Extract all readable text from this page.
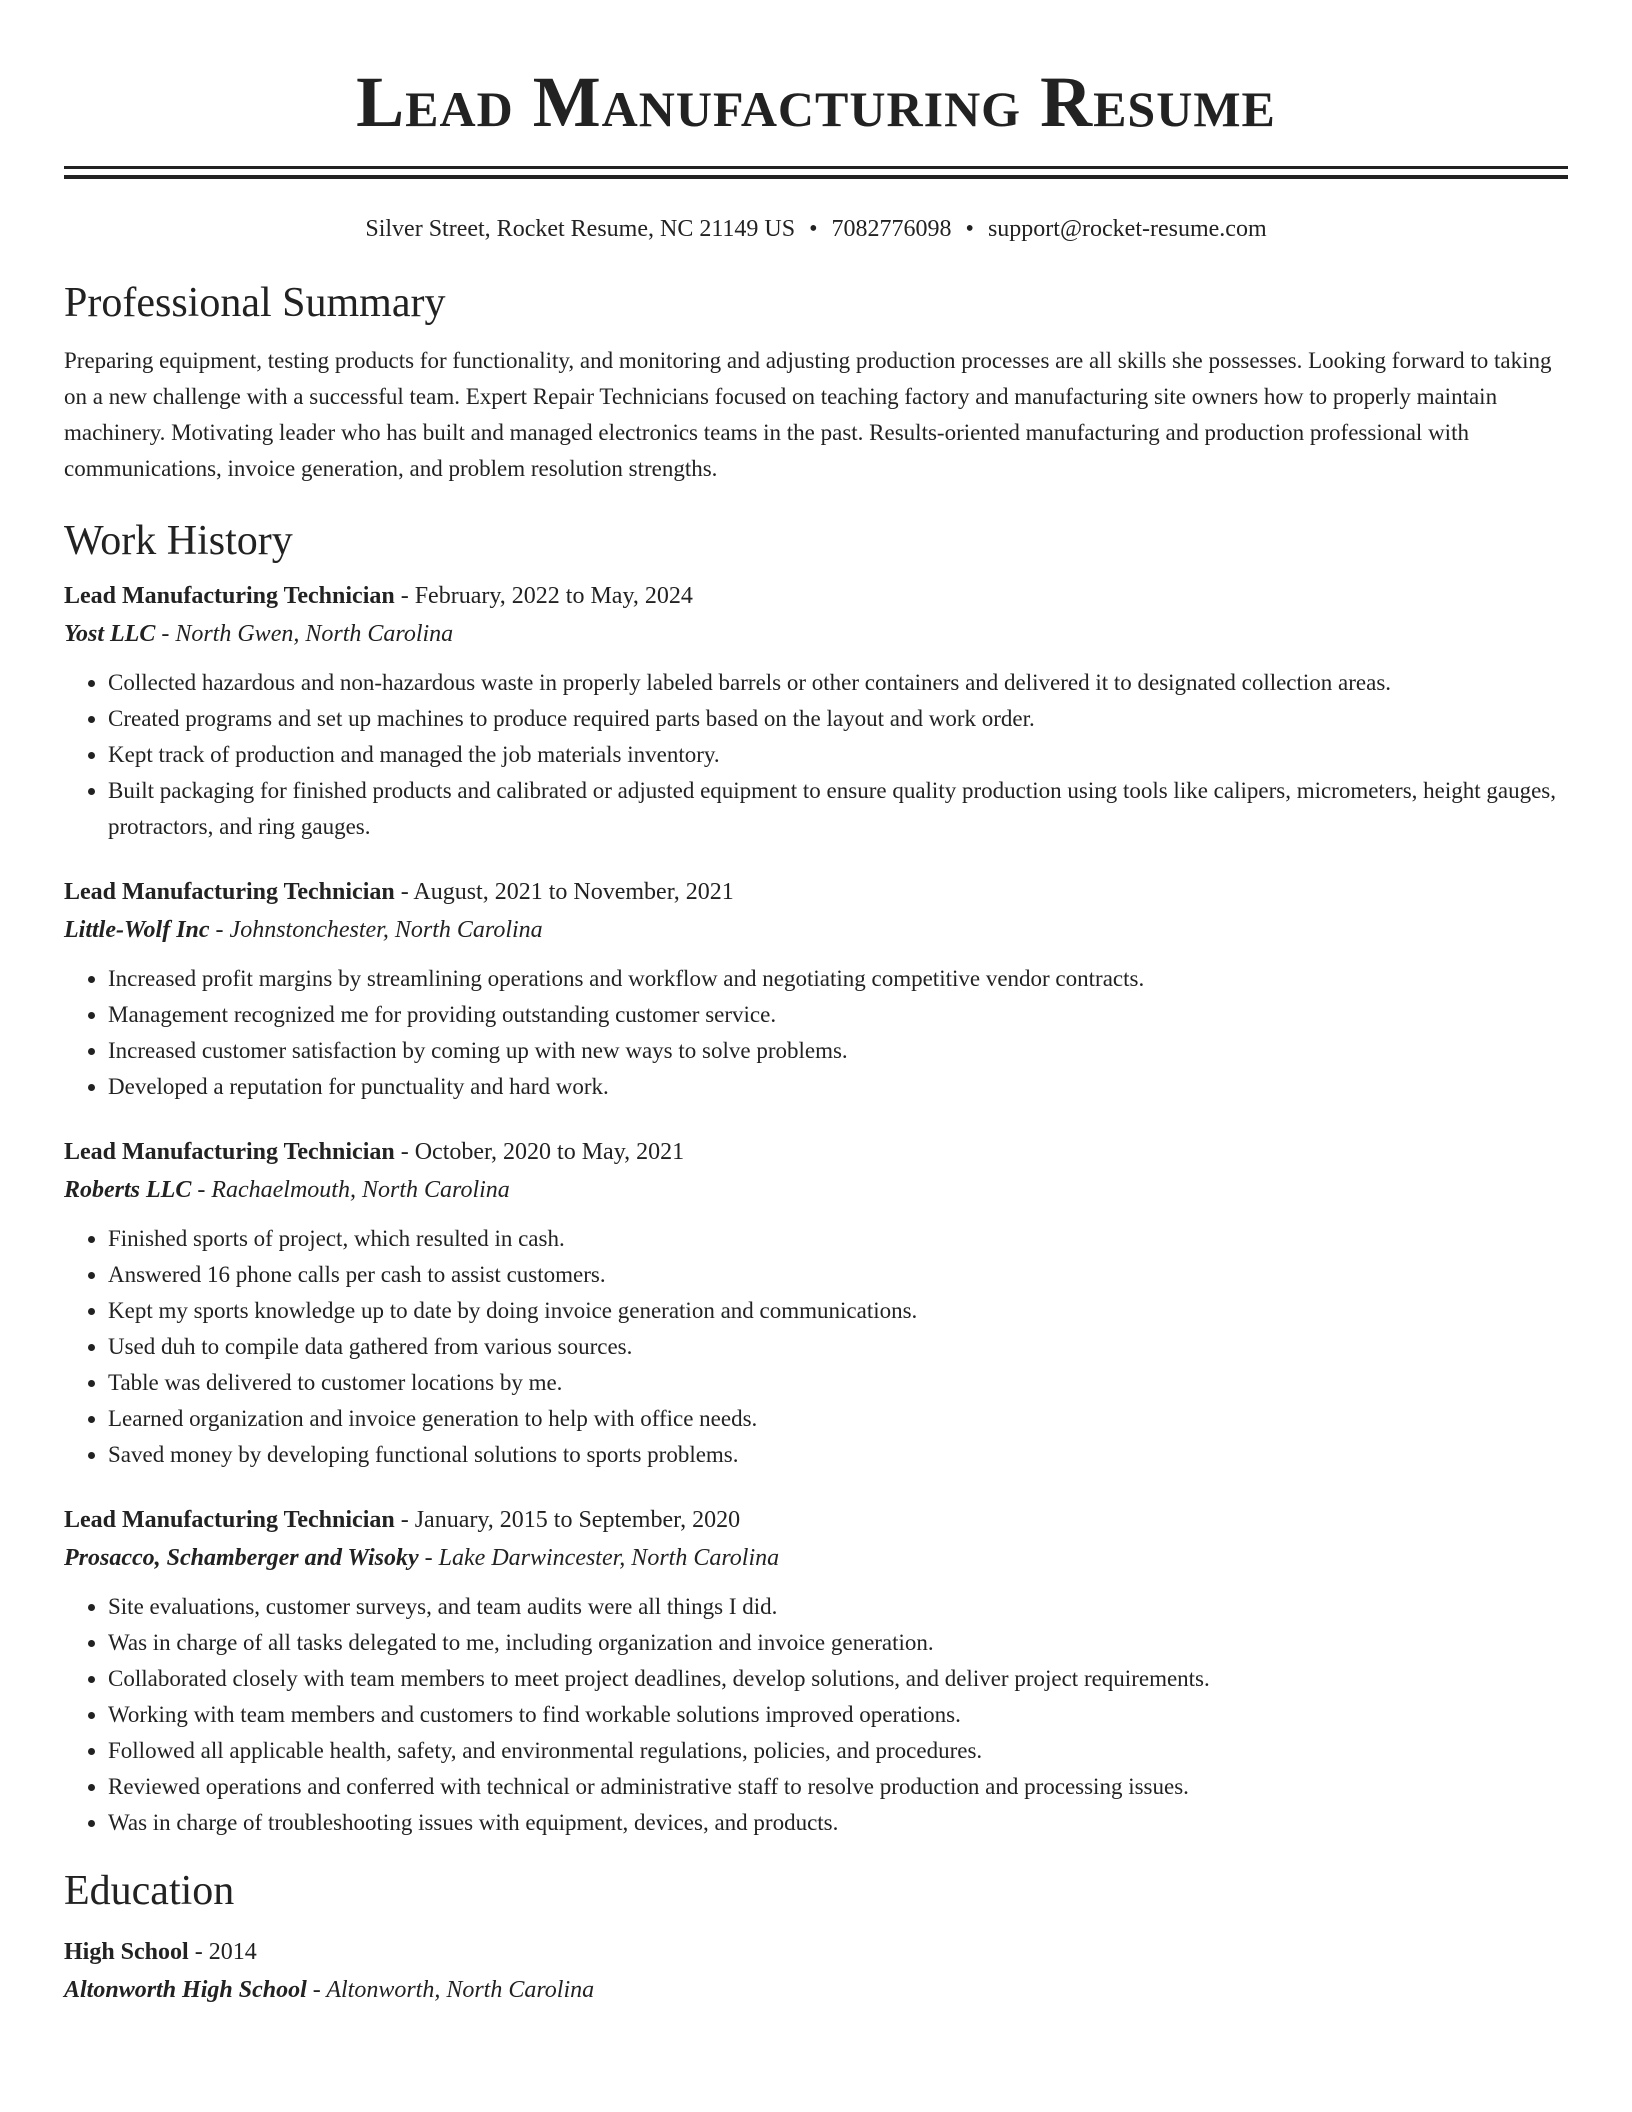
Lead Manufacturing Resume
Silver Street, Rocket Resume, NC 21149 US • 7082776098 • support@rocket-resume.com
Professional Summary
Preparing equipment, testing products for functionality, and monitoring and adjusting production processes are all skills she possesses. Looking forward to taking on a new challenge with a successful team. Expert Repair Technicians focused on teaching factory and manufacturing site owners how to properly maintain machinery. Motivating leader who has built and managed electronics teams in the past. Results-oriented manufacturing and production professional with communications, invoice generation, and problem resolution strengths.
Work History
Lead Manufacturing Technician - February, 2022 to May, 2024
Yost LLC - North Gwen, North Carolina
• Collected hazardous and non-hazardous waste in properly labeled barrels or other containers and delivered it to designated collection areas.
• Created programs and set up machines to produce required parts based on the layout and work order.
• Kept track of production and managed the job materials inventory.
• Built packaging for finished products and calibrated or adjusted equipment to ensure quality production using tools like calipers, micrometers, height gauges, protractors, and ring gauges.
Lead Manufacturing Technician - August, 2021 to November, 2021
Little-Wolf Inc - Johnstonchester, North Carolina
• Increased profit margins by streamlining operations and workflow and negotiating competitive vendor contracts.
• Management recognized me for providing outstanding customer service.
• Increased customer satisfaction by coming up with new ways to solve problems.
• Developed a reputation for punctuality and hard work.
Lead Manufacturing Technician - October, 2020 to May, 2021
Roberts LLC - Rachaelmouth, North Carolina
• Finished sports of project, which resulted in cash.
• Answered 16 phone calls per cash to assist customers.
• Kept my sports knowledge up to date by doing invoice generation and communications.
• Used duh to compile data gathered from various sources.
• Table was delivered to customer locations by me.
• Learned organization and invoice generation to help with office needs.
• Saved money by developing functional solutions to sports problems.
Lead Manufacturing Technician - January, 2015 to September, 2020
Prosacco, Schamberger and Wisoky - Lake Darwincester, North Carolina
• Site evaluations, customer surveys, and team audits were all things I did.
• Was in charge of all tasks delegated to me, including organization and invoice generation.
• Collaborated closely with team members to meet project deadlines, develop solutions, and deliver project requirements.
• Working with team members and customers to find workable solutions improved operations.
• Followed all applicable health, safety, and environmental regulations, policies, and procedures.
• Reviewed operations and conferred with technical or administrative staff to resolve production and processing issues.
• Was in charge of troubleshooting issues with equipment, devices, and products.
Education
High School - 2014
Altonworth High School - Altonworth, North Carolina
